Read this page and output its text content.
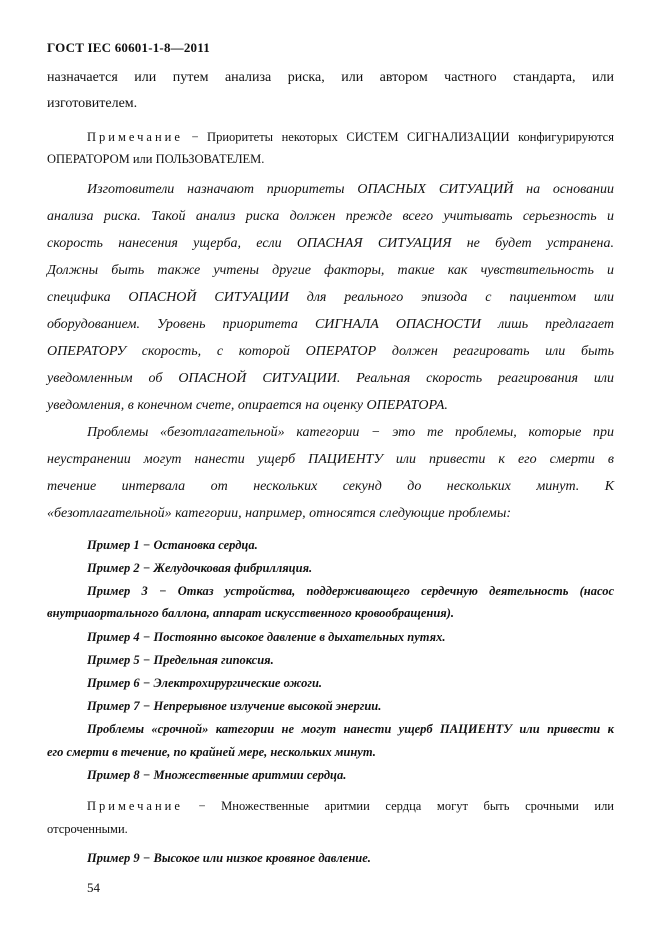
ГОСТ IEC 60601-1-8—2011
назначается или путем анализа риска, или автором частного стандарта, или
изготовителем.
Примечание − Приоритеты некоторых СИСТЕМ СИГНАЛИЗАЦИИ конфигурируются
ОПЕРАТОРОМ или ПОЛЬЗОВАТЕЛЕМ.
Изготовители назначают приоритеты ОПАСНЫХ СИТУАЦИЙ на основании
анализа риска. Такой анализ риска должен прежде всего учитывать серьезность и
скорость нанесения ущерба, если ОПАСНАЯ СИТУАЦИЯ не будет устранена.
Должны быть также учтены другие факторы, такие как чувствительность и
специфика ОПАСНОЙ СИТУАЦИИ для реального эпизода с пациентом или
оборудованием. Уровень приоритета СИГНАЛА ОПАСНОСТИ лишь предлагает
ОПЕРАТОРУ скорость, с которой ОПЕРАТОР должен реагировать или быть
уведомленным об ОПАСНОЙ СИТУАЦИИ. Реальная скорость реагирования или
уведомления, в конечном счете, опирается на оценку ОПЕРАТОРА.
Проблемы «безотлагательной» категории − это те проблемы, которые при
неустранении могут нанести ущерб ПАЦИЕНТУ или привести к его смерти в
течение интервала от нескольких секунд до нескольких минут. К
«безотлагательной» категории, например, относятся следующие проблемы:
Пример 1 − Остановка сердца.
Пример 2 − Желудочковая фибрилляция.
Пример 3 − Отказ устройства, поддерживающего сердечную деятельность (насос
внутриаортального баллона, аппарат искусственного кровообращения).
Пример 4 − Постоянно высокое давление в дыхательных путях.
Пример 5 − Предельная гипоксия.
Пример 6 − Электрохирургические ожоги.
Пример 7 − Непрерывное излучение высокой энергии.
Проблемы «срочной» категории не могут нанести ущерб ПАЦИЕНТУ или привести к
его смерти в течение, по крайней мере, нескольких минут.
Пример 8 − Множественные аритмии сердца.
Примечание − Множественные аритмии сердца могут быть срочными или
отсроченными.
Пример 9 − Высокое или низкое кровяное давление.
54
